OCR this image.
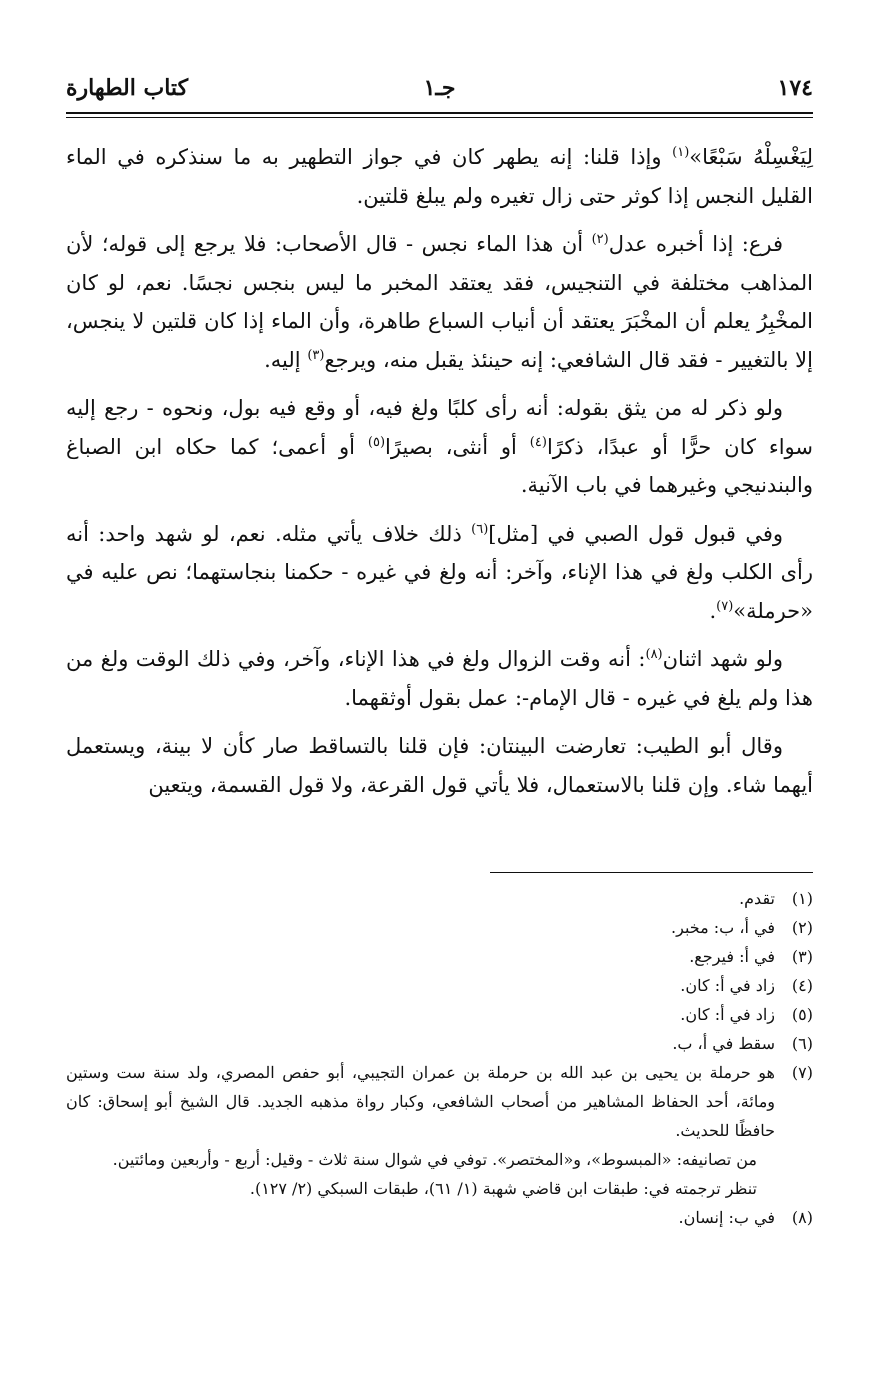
١٧٤
جـ١
كتاب الطهارة

لِيَغْسِلْهُ سَبْعًا»$^{(١)}$ وإذا قلنا: إنه يطهر كان في جواز التطهير به ما سنذكره في الماء القليل النجس إذا كوثر حتى زال تغيره ولم يبلغ قلتين.

فرع: إذا أخبره عدل$^{(٢)}$ أن هذا الماء نجس - قال الأصحاب: فلا يرجع إلى قوله؛ لأن المذاهب مختلفة في التنجيس، فقد يعتقد المخبر ما ليس بنجس نجسًا. نعم، لو كان المخْبِرُ يعلم أن المخْبَرَ يعتقد أن أنياب السباع طاهرة، وأن الماء إذا كان قلتين لا ينجس، إلا بالتغيير - فقد قال الشافعي: إنه حينئذ يقبل منه، ويرجع$^{(٣)}$ إليه.

ولو ذكر له من يثق بقوله: أنه رأى كلبًا ولغ فيه، أو وقع فيه بول، ونحوه - رجع إليه سواء كان حرًّا أو عبدًا، ذكرًا$^{(٤)}$ أو أنثى، بصيرًا$^{(٥)}$ أو أعمى؛ كما حكاه ابن الصباغ والبندنيجي وغيرهما في باب الآنية.

وفي قبول قول الصبي في [مثل]$^{(٦)}$ ذلك خلاف يأتي مثله. نعم، لو شهد واحد: أنه رأى الكلب ولغ في هذا الإناء، وآخر: أنه ولغ في غيره - حكمنا بنجاستهما؛ نص عليه في «حرملة»$^{(٧)}$.

ولو شهد اثنان$^{(٨)}$: أنه وقت الزوال ولغ في هذا الإناء، وآخر، وفي ذلك الوقت ولغ من هذا ولم يلغ في غيره - قال الإمام-: عمل بقول أوثقهما.

وقال أبو الطيب: تعارضت البينتان: فإن قلنا بالتساقط صار كأن لا بينة، ويستعمل أيهما شاء. وإن قلنا بالاستعمال، فلا يأتي قول القرعة، ولا قول القسمة، ويتعين

(١)
تقدم.
(٢)
في أ، ب: مخبر.
(٣)
في أ: فيرجع.
(٤)
زاد في أ: كان.
(٥)
زاد في أ: كان.
(٦)
سقط في أ، ب.
(٧)
هو حرملة بن يحيى بن عبد الله بن حرملة بن عمران التجيبي، أبو حفص المصري، ولد سنة ست وستين ومائة، أحد الحفاظ المشاهير من أصحاب الشافعي، وكبار رواة مذهبه الجديد. قال الشيخ أبو إسحاق: كان حافظًا للحديث.
من تصانيفه: «المبسوط»، و«المختصر». توفي في شوال سنة ثلاث - وقيل: أربع - وأربعين ومائتين.
تنظر ترجمته في: طبقات ابن قاضي شهبة (١/ ٦١)، طبقات السبكي (٢/ ١٢٧).
(٨)
في ب: إنسان.
